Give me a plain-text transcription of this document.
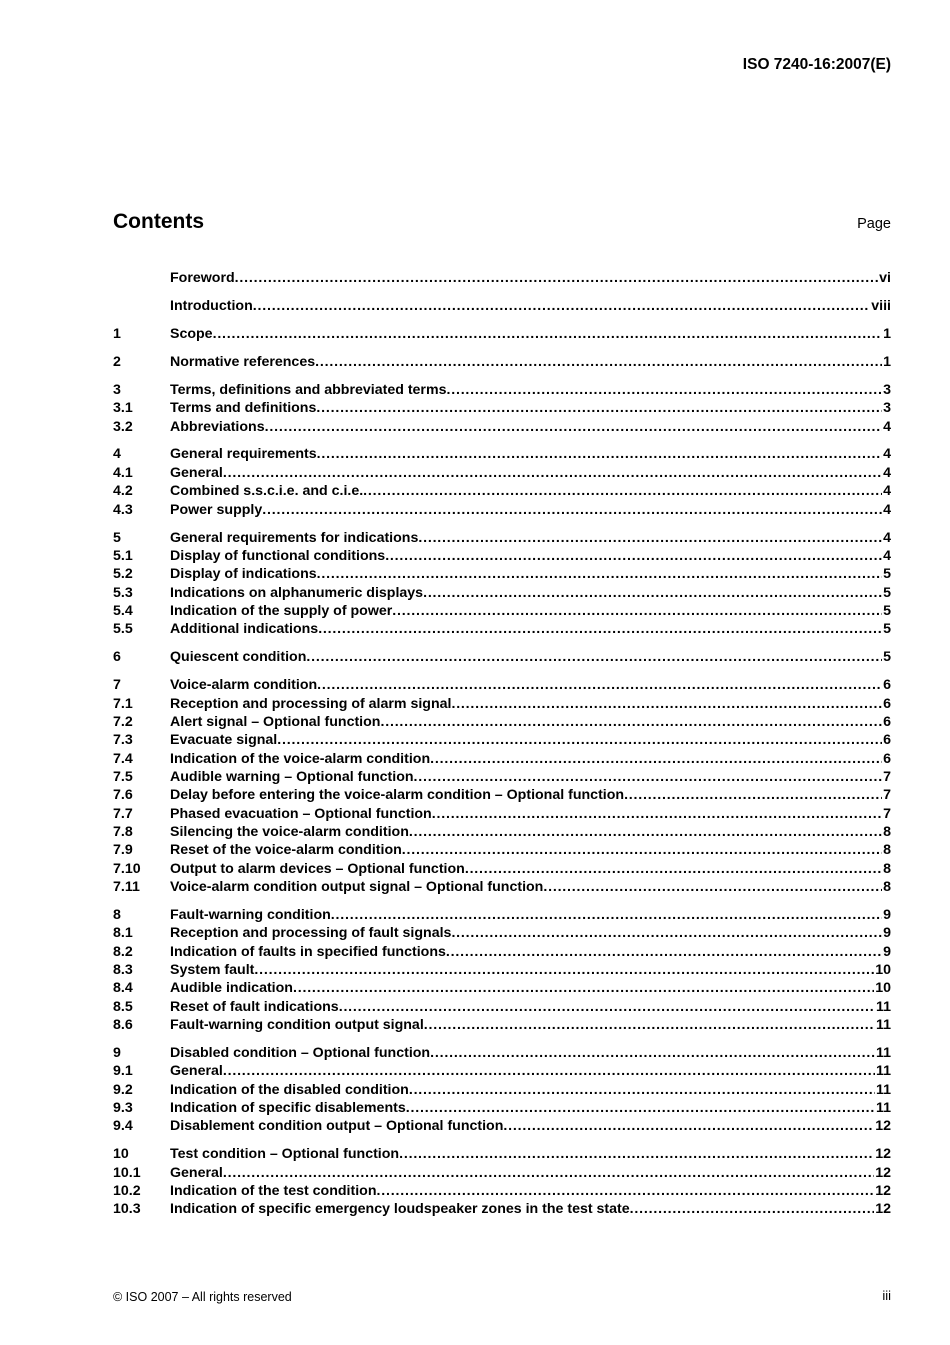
ISO 7240-16:2007(E)
Contents	Page
Foreword .....	vi
Introduction .....	viii
1	Scope .....	1
2	Normative references .....	1
3	Terms, definitions and abbreviated terms .....	3
3.1	Terms and definitions .....	3
3.2	Abbreviations .....	4
4	General requirements .....	4
4.1	General .....	4
4.2	Combined s.s.c.i.e. and c.i.e. .....	4
4.3	Power supply .....	4
5	General requirements for indications .....	4
5.1	Display of functional conditions .....	4
5.2	Display of indications .....	5
5.3	Indications on alphanumeric displays .....	5
5.4	Indication of the supply of power .....	5
5.5	Additional indications .....	5
6	Quiescent condition .....	5
7	Voice-alarm condition .....	6
7.1	Reception and processing of alarm signal .....	6
7.2	Alert signal – Optional function .....	6
7.3	Evacuate signal .....	6
7.4	Indication of the voice-alarm condition .....	6
7.5	Audible warning – Optional function .....	7
7.6	Delay before entering the voice-alarm condition – Optional function .....	7
7.7	Phased evacuation – Optional function .....	7
7.8	Silencing the voice-alarm condition .....	8
7.9	Reset of the voice-alarm condition .....	8
7.10	Output to alarm devices – Optional function .....	8
7.11	Voice-alarm condition output signal – Optional function .....	8
8	Fault-warning condition .....	9
8.1	Reception and processing of fault signals .....	9
8.2	Indication of faults in specified functions .....	9
8.3	System fault .....	10
8.4	Audible indication .....	10
8.5	Reset of fault indications .....	11
8.6	Fault-warning condition output signal .....	11
9	Disabled condition – Optional function .....	11
9.1	General .....	11
9.2	Indication of the disabled condition .....	11
9.3	Indication of specific disablements .....	11
9.4	Disablement condition output – Optional function .....	12
10	Test condition – Optional function .....	12
10.1	General .....	12
10.2	Indication of the test condition .....	12
10.3	Indication of specific emergency loudspeaker zones in the test state .....	12
© ISO 2007 – All rights reserved	iii
